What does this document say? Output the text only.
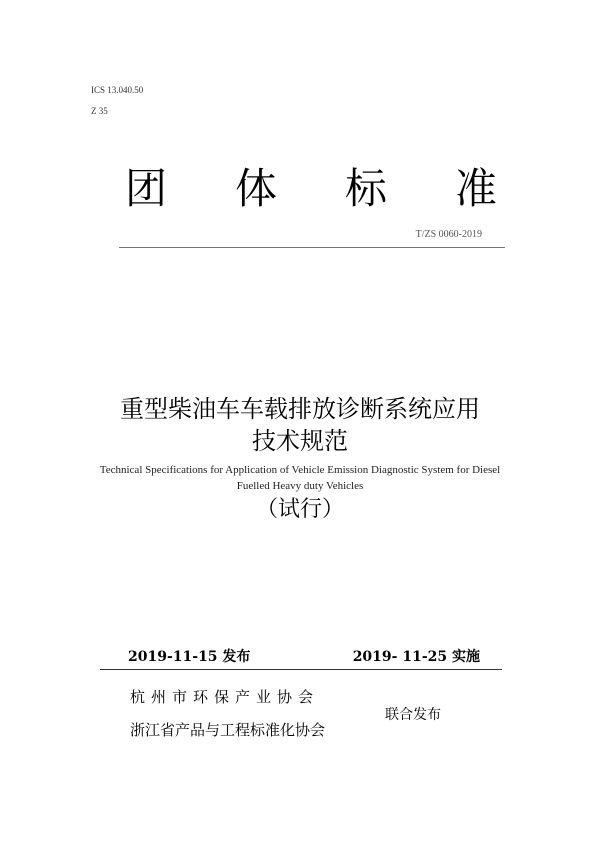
ICS 13.040.50
Z 35
团 体 标 准
T/ZS 0060-2019
重型柴油车车载排放诊断系统应用
技术规范
Technical Specifications for Application of Vehicle Emission Diagnostic System for Diesel
Fuelled Heavy duty Vehicles
（试行）
2019-11-15 发布	2019- 11-25 实施
杭州市环保产业协会
浙江省产品与工程标准化协会
联合发布
